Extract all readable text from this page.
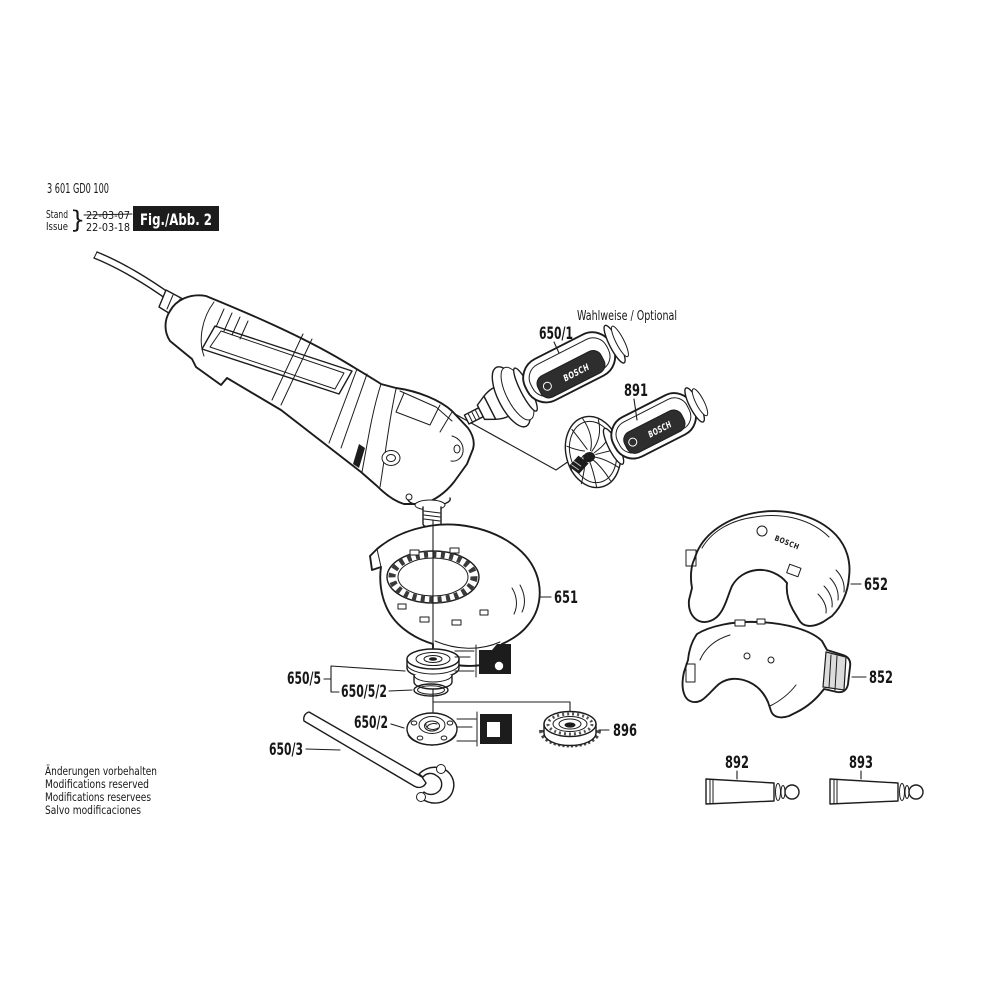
3 601 GD0 100
Stand
Issue } 22-03-07
22-03-18 Fig./Abb. 2
Wahlweise / Optional
BOSCH
650/1
BOSCH
891
651
650/5
650/5/2
650/2	896
650/3
BOSCH
652
852
892	893
Änderungen vorbehalten
Modifications reserved
Modifications reservees
Salvo modificaciones
